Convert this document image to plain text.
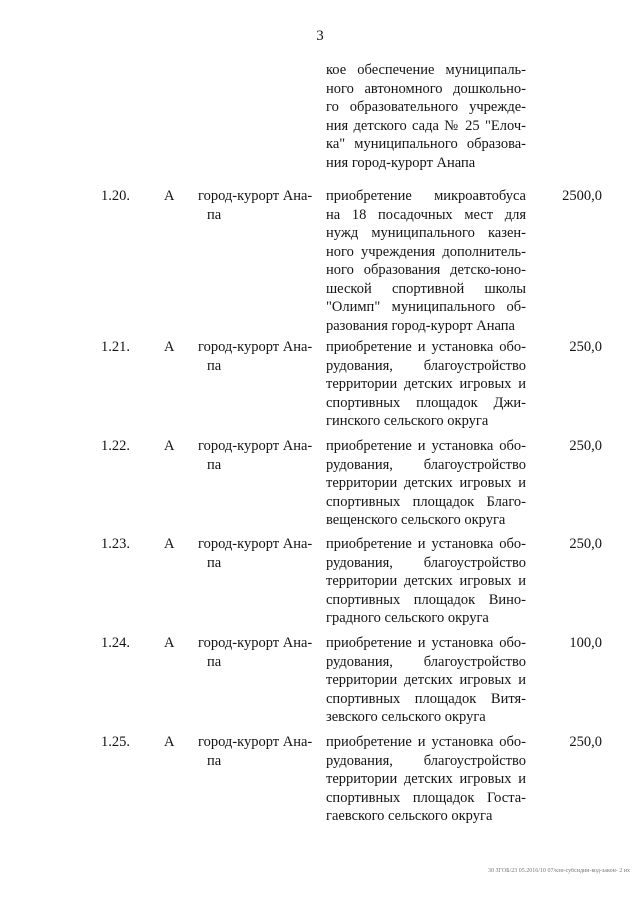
3
кое обеспечение муниципаль-
ного автономного дошкольно-
го образовательного учрежде-
ния детского сада № 25 "Елоч-
ка" муниципального образова-
ния город-курорт Анапа
1.20.	А	город-курорт Ана-
па
приобретение микроавтобуса
на 18 посадочных мест для
нужд муниципального казен-
ного учреждения дополнитель-
ного образования детско-юно-
шеской спортивной школы
"Олимп" муниципального об-
разования город-курорт Анапа
2500,0
1.21.	А	город-курорт Ана-
па
приобретение и установка обо-
рудования, благоустройство
территории детских игровых и
спортивных площадок Джи-
гинского сельского округа
250,0
1.22.	А	город-курорт Ана-
па
приобретение и установка обо-
рудования, благоустройство
территории детских игровых и
спортивных площадок Благо-
вещенского сельского округа
250,0
1.23.	А	город-курорт Ана-
па
приобретение и установка обо-
рудования, благоустройство
территории детских игровых и
спортивных площадок Вино-
градного сельского округа
250,0
1.24.	А	город-курорт Ана-
па
приобретение и установка обо-
рудования, благоустройство
территории детских игровых и
спортивных площадок Витя-
зевского сельского округа
100,0
1.25.	А	город-курорт Ана-
па
приобретение и установка обо-
рудования, благоустройство
территории детских игровых и
спортивных площадок Госта-
гаевского сельского округа
250,0
30 ЗГОБ/23 05.2016/10 07/кзн-субсидии-код-закон- 2 их
